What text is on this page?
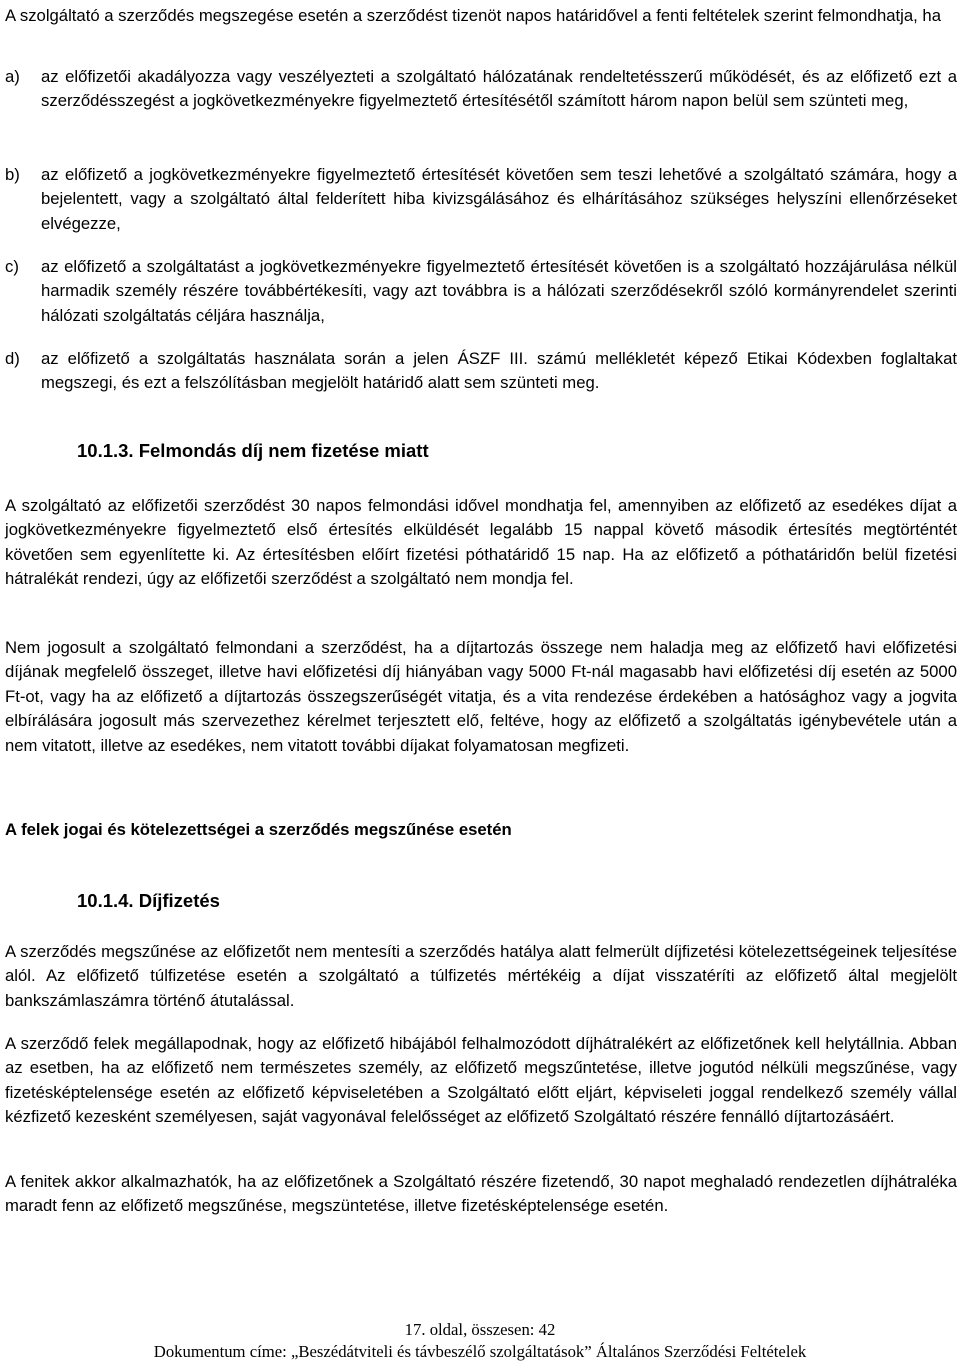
A szolgáltató a szerződés megszegése esetén a szerződést tizenöt napos határidővel a fenti feltételek szerint felmondhatja, ha

a) az előfizetői akadályozza vagy veszélyezteti a szolgáltató hálózatának rendeltetésszerű működését, és az előfizető ezt a szerződésszegést a jogkövetkezményekre figyelmeztető értesítésétől számított három napon belül sem szünteti meg,
b) az előfizető a jogkövetkezményekre figyelmeztető értesítését követően sem teszi lehetővé a szolgáltató számára, hogy a bejelentett, vagy a szolgáltató által felderített hiba kivizsgálásához és elhárításához szükséges helyszíni ellenőrzéseket elvégezze,
c) az előfizető a szolgáltatást a jogkövetkezményekre figyelmeztető értesítését követően is a szolgáltató hozzájárulása nélkül harmadik személy részére továbbértékesíti, vagy azt továbbra is a hálózati szerződésekről szóló kormányrendelet szerinti hálózati szolgáltatás céljára használja,
d) az előfizető a szolgáltatás használata során a jelen ÁSZF III. számú mellékletét képező Etikai Kódexben foglaltakat megszegi, és ezt a felszólításban megjelölt határidő alatt sem szünteti meg.
10.1.3. Felmondás díj nem fizetése miatt

A szolgáltató az előfizetői szerződést 30 napos felmondási idővel mondhatja fel, amennyiben az előfizető az esedékes díjat a jogkövetkezményekre figyelmeztető első értesítés elküldését legalább 15 nappal követő második értesítés megtörténtét követően sem egyenlítette ki. Az értesítésben előírt fizetési póthatáridő 15 nap. Ha az előfizető a póthatáridőn belül fizetési hátralékát rendezi, úgy az előfizetői szerződést a szolgáltató nem mondja fel.

Nem jogosult a szolgáltató felmondani a szerződést, ha a díjtartozás összege nem haladja meg az előfizető havi előfizetési díjának megfelelő összeget, illetve havi előfizetési díj hiányában vagy 5000 Ft-nál magasabb havi előfizetési díj esetén az 5000 Ft-ot, vagy ha az előfizető a díjtartozás összegszerűségét vitatja, és a vita rendezése érdekében a hatósághoz vagy a jogvita elbírálására jogosult más szervezethez kérelmet terjesztett elő, feltéve, hogy az előfizető a szolgáltatás igénybevétele után a nem vitatott, illetve az esedékes, nem vitatott további díjakat folyamatosan megfizeti.

A felek jogai és kötelezettségei a szerződés megszűnése esetén
10.1.4. Díjfizetés

A szerződés megszűnése az előfizetőt nem mentesíti a szerződés hatálya alatt felmerült díjfizetési kötelezettségeinek teljesítése alól. Az előfizető túlfizetése esetén a szolgáltató a túlfizetés mértékéig a díjat visszatéríti az előfizető által megjelölt bankszámlaszámra történő átutalással.

A szerződő felek megállapodnak, hogy az előfizető hibájából felhalmozódott díjhátralékért az előfizetőnek kell helytállnia. Abban az esetben, ha az előfizető nem természetes személy, az előfizető megszűntetése, illetve jogutód nélküli megszűnése, vagy fizetésképtelensége esetén az előfizető képviseletében a Szolgáltató előtt eljárt, képviseleti joggal rendelkező személy vállal kézfizető kezesként személyesen, saját vagyonával felelősséget az előfizető Szolgáltató részére fennálló díjtartozásáért.

A fenitek akkor alkalmazhatók, ha az előfizetőnek a Szolgáltató részére fizetendő, 30 napot meghaladó rendezetlen díjhátraléka maradt fenn az előfizető megszűnése, megszüntetése, illetve fizetésképtelensége esetén.

17. oldal, összesen: 42

Dokumentum címe: „Beszédátviteli és távbeszélő szolgáltatások” Általános Szerződési Feltételek
